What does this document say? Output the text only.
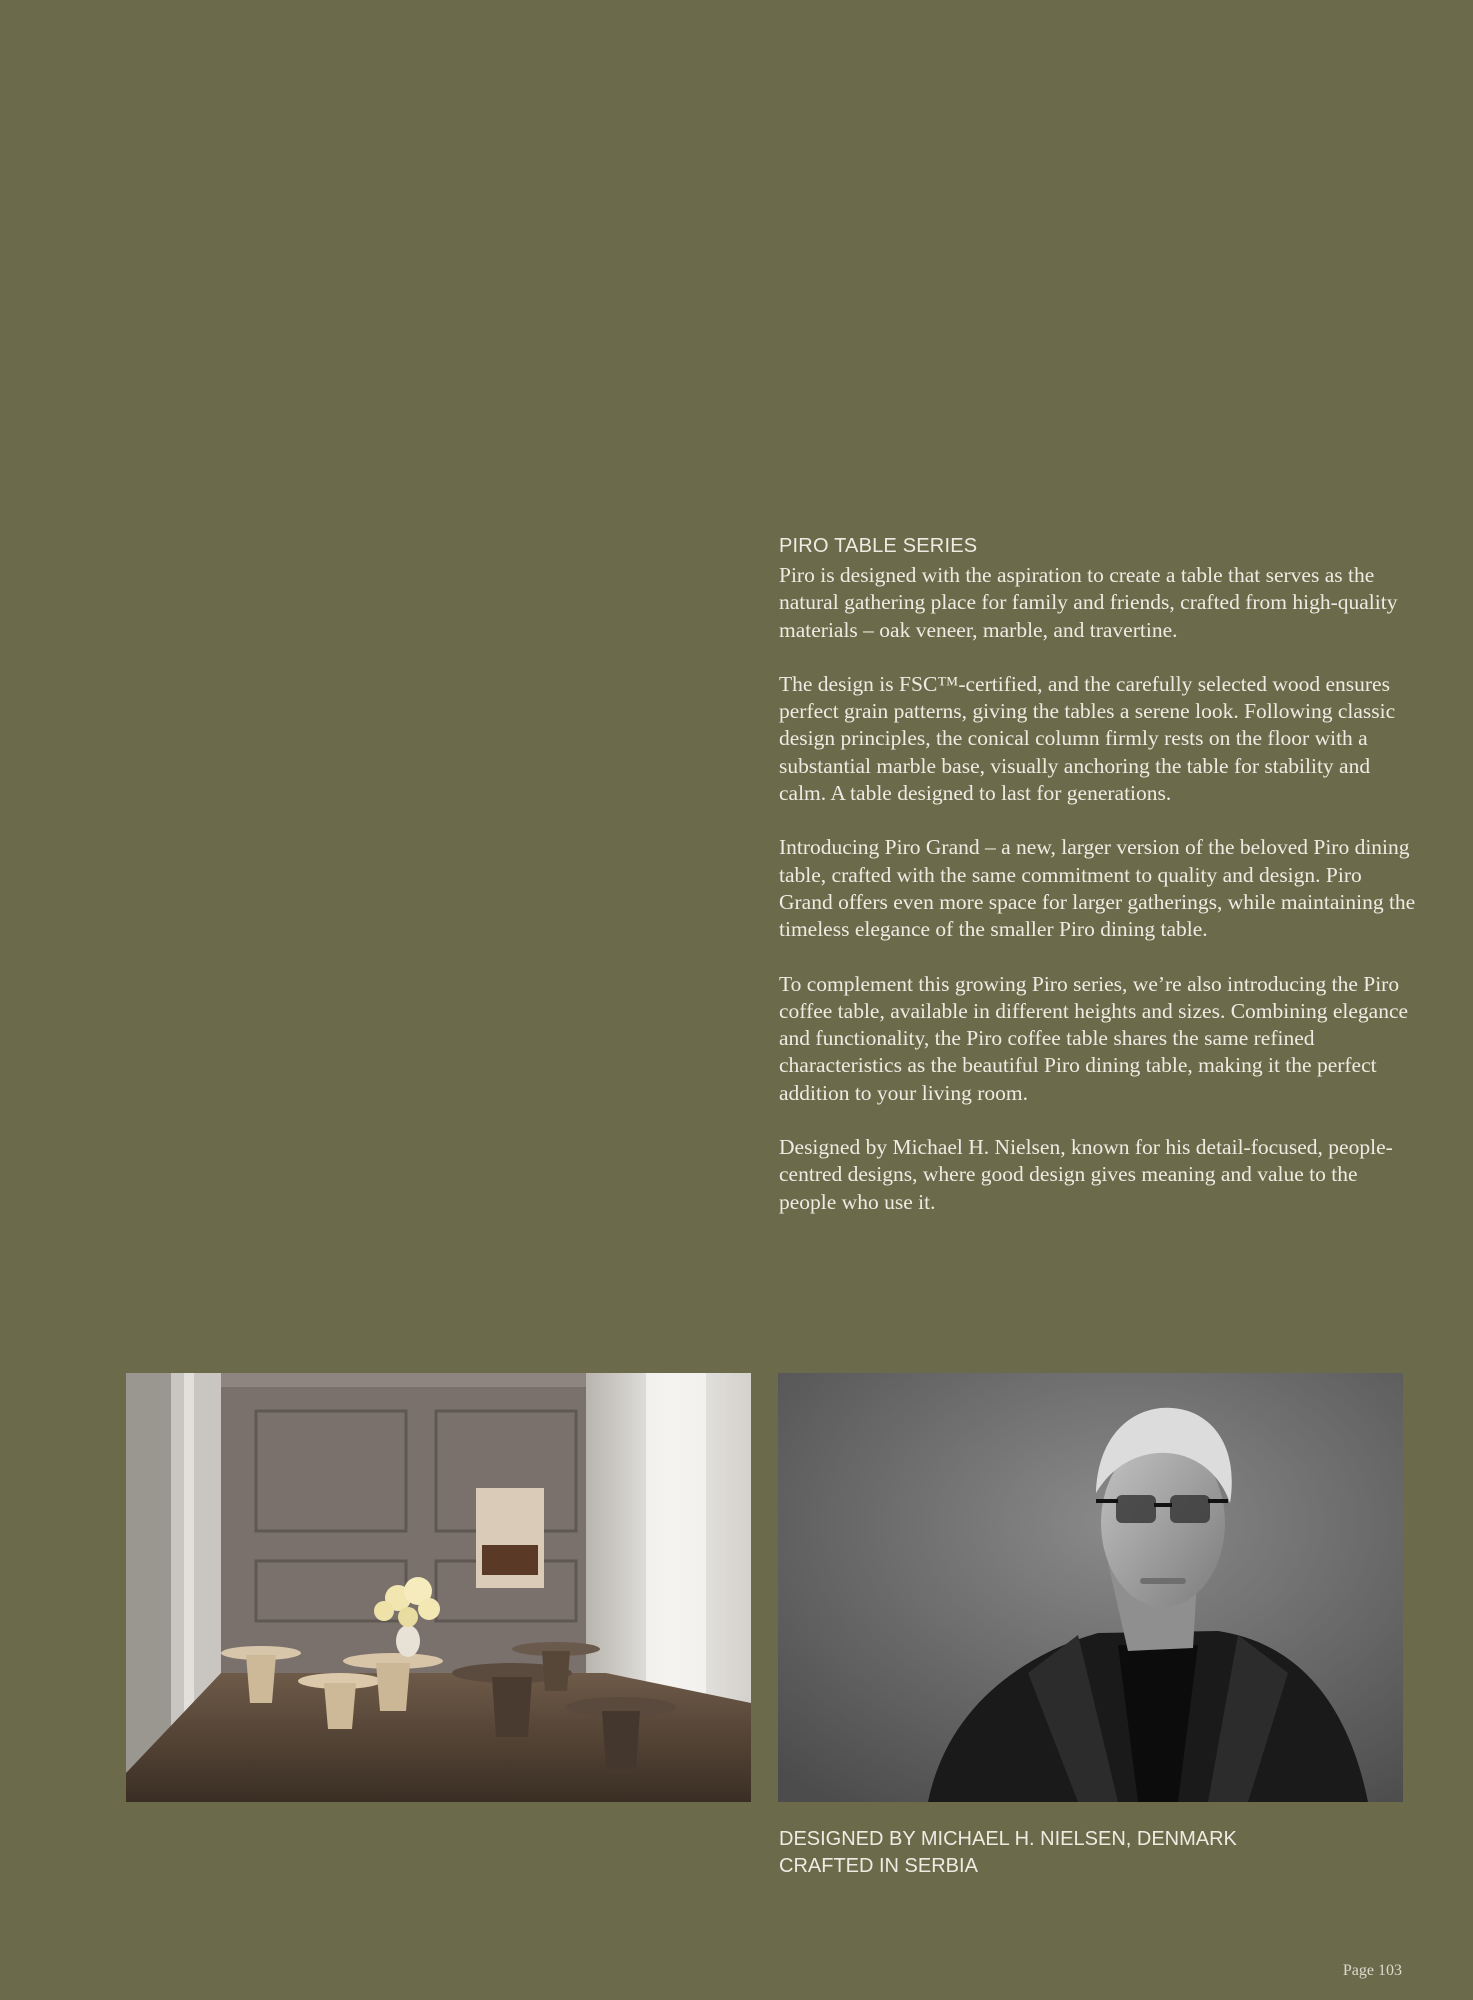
PIRO TABLE SERIES

Piro is designed with the aspiration to create a table that serves as the natural gathering place for family and friends, crafted from high-quality materials – oak veneer, marble, and travertine.

The design is FSC™-certified, and the carefully selected wood ensures perfect grain patterns, giving the tables a serene look. Following classic design principles, the conical column firmly rests on the floor with a substantial marble base, visually anchoring the table for stability and calm. A table designed to last for generations.

Introducing Piro Grand – a new, larger version of the beloved Piro dining table, crafted with the same commitment to quality and design. Piro Grand offers even more space for larger gatherings, while maintaining the timeless elegance of the smaller Piro dining table.

To complement this growing Piro series, we’re also introducing the Piro coffee table, available in different heights and sizes. Combining elegance and functionality, the Piro coffee table shares the same refined characteristics as the beautiful Piro dining table, making it the perfect addition to your living room.

Designed by Michael H. Nielsen, known for his detail-focused, people-centred designs, where good design gives meaning and value to the people who use it.

DESIGNED BY MICHAEL H. NIELSEN, DENMARK
CRAFTED IN SERBIA
Page 103
